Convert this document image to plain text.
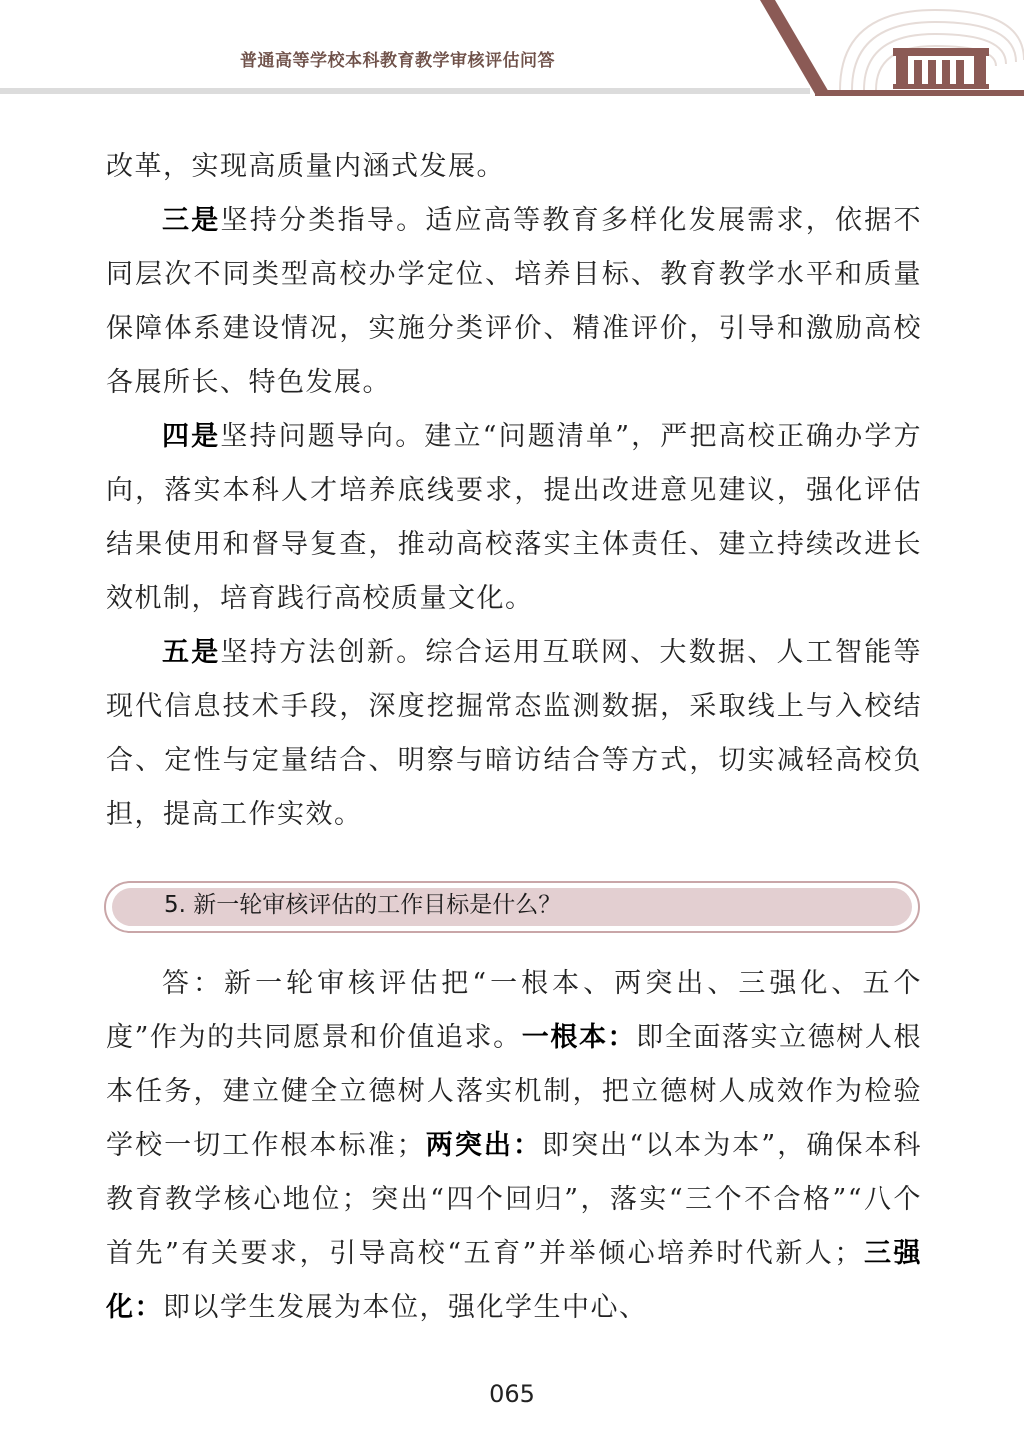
普通高等学校本科教育教学审核评估问答

改革，实现高质量内涵式发展。

三是坚持分类指导。适应高等教育多样化发展需求，依据不同层次不同类型高校办学定位、培养目标、教育教学水平和质量保障体系建设情况，实施分类评价、精准评价，引导和激励高校各展所长、特色发展。

四是坚持问题导向。建立“问题清单”，严把高校正确办学方向，落实本科人才培养底线要求，提出改进意见建议，强化评估结果使用和督导复查，推动高校落实主体责任、建立持续改进长效机制，培育践行高校质量文化。

五是坚持方法创新。综合运用互联网、大数据、人工智能等现代信息技术手段，深度挖掘常态监测数据，采取线上与入校结合、定性与定量结合、明察与暗访结合等方式，切实减轻高校负担，提高工作实效。

5. 新一轮审核评估的工作目标是什么？

答：新一轮审核评估把“一根本、两突出、三强化、五个度”作为的共同愿景和价值追求。一根本：即全面落实立德树人根本任务，建立健全立德树人落实机制，把立德树人成效作为检验学校一切工作根本标准；两突出：即突出“以本为本”，确保本科教育教学核心地位；突出“四个回归”，落实“三个不合格”“八个首先”有关要求，引导高校“五育”并举倾心培养时代新人；三强化：即以学生发展为本位，强化学生中心、

065
